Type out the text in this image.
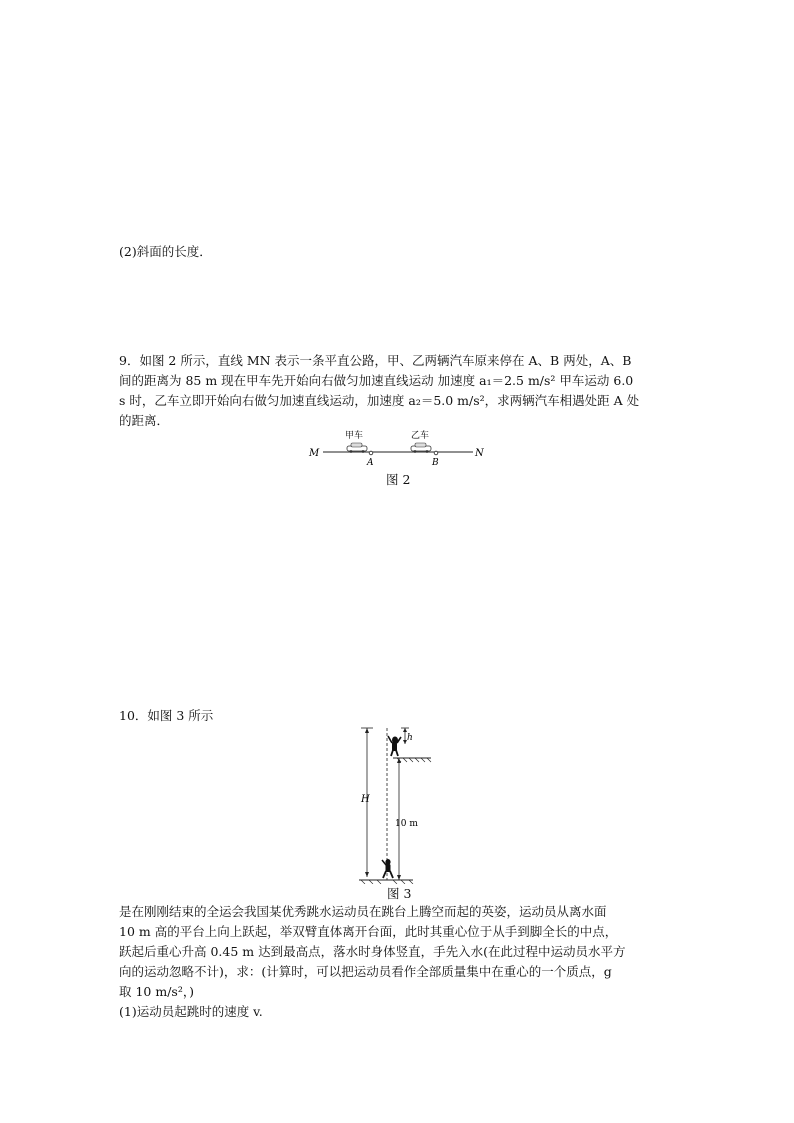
(2)斜面的长度．
9．如图 2 所示，直线 MN 表示一条平直公路，甲、乙两辆汽车原来停在 A、B 两处，A、B
间的距离为 85 m 现在甲车先开始向右做匀加速直线运动 加速度 a₁＝2.5 m/s² 甲车运动 6.0
s 时，乙车立即开始向右做匀加速直线运动，加速度 a₂＝5.0 m/s²，求两辆汽车相遇处距 A 处
的距离．
M	N
甲车	乙车
A	B
图 2
10．如图 3 所示
H
h
10 m
图 3
是在刚刚结束的全运会我国某优秀跳水运动员在跳台上腾空而起的英姿，运动员从离水面
10 m 高的平台上向上跃起，举双臂直体离开台面，此时其重心位于从手到脚全长的中点，
跃起后重心升高 0.45 m 达到最高点，落水时身体竖直，手先入水(在此过程中运动员水平方
向的运动忽略不计)，求：(计算时，可以把运动员看作全部质量集中在重心的一个质点，g
取 10 m/s²，)
(1)运动员起跳时的速度 v.
